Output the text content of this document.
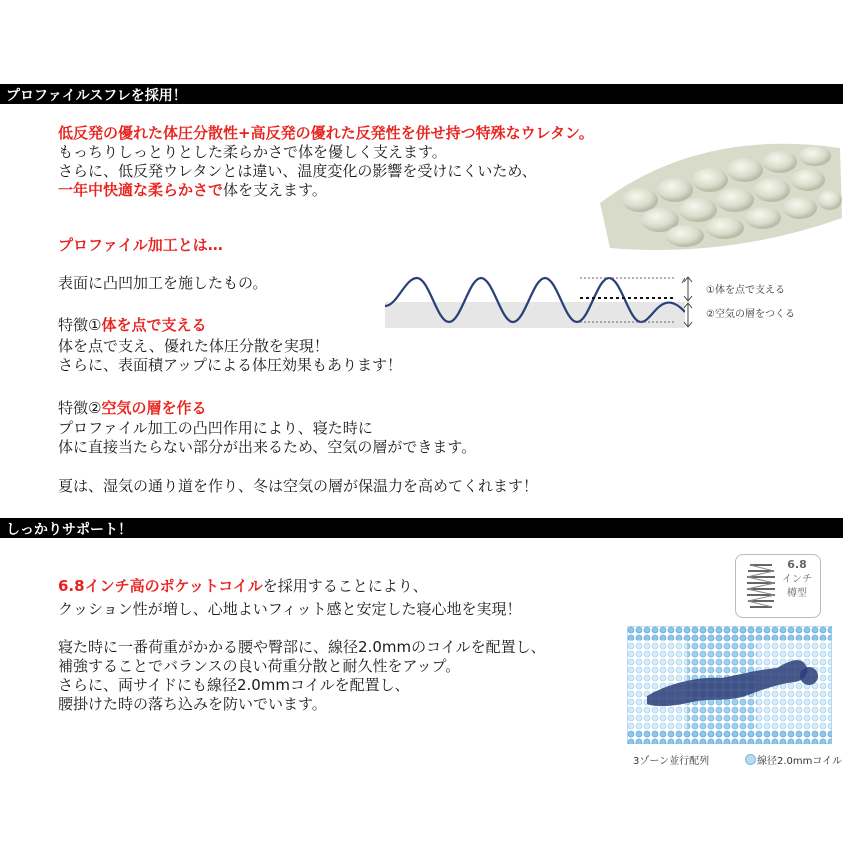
プロファイルスフレを採用！
低反発の優れた体圧分散性+高反発の優れた反発性を併せ持つ特殊なウレタン。
もっちりしっとりとした柔らかさで体を優しく支えます。
さらに、低反発ウレタンとは違い、温度変化の影響を受けにくいため、
一年中快適な柔らかさで体を支えます。
プロファイル加工とは…
表面に凸凹加工を施したもの。
特徴①体を点で支える
体を点で支え、優れた体圧分散を実現！
さらに、表面積アップによる体圧効果もあります！
特徴②空気の層を作る
プロファイル加工の凸凹作用により、寝た時に
体に直接当たらない部分が出来るため、空気の層ができます。
夏は、湿気の通り道を作り、冬は空気の層が保温力を高めてくれます！
①体を点で支える
②空気の層をつくる
しっかりサポート！
6.8インチ高のポケットコイルを採用することにより、
クッション性が増し、心地よいフィット感と安定した寝心地を実現！
寝た時に一番荷重がかかる腰や臀部に、線径2.0mmのコイルを配置し、
補強することでバランスの良い荷重分散と耐久性をアップ。
さらに、両サイドにも線径2.0mmコイルを配置し、
腰掛けた時の落ち込みを防いでいます。
6.8
インチ樽型
3ゾーン並行配列	線径2.0mmコイル
